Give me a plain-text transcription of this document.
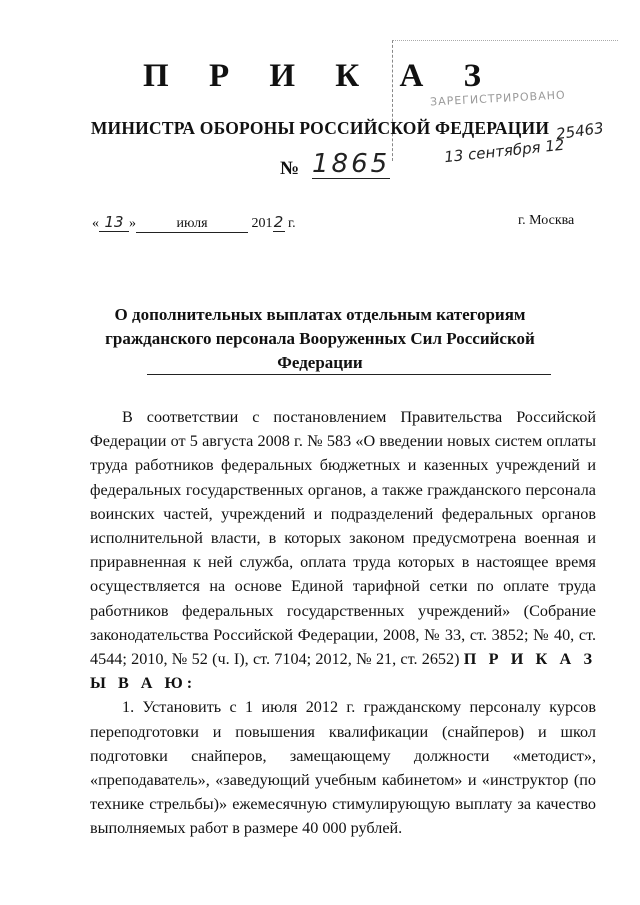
ЗАРЕГИСТРИРОВАНО
25463
13 сентября 12
П Р И К А З
МИНИСТРА ОБОРОНЫ РОССИЙСКОЙ ФЕДЕРАЦИИ
№ 1865
« 13 »	июля	2012 г.	г. Москва
О дополнительных выплатах отдельным категориям гражданского персонала Вооруженных Сил Российской Федерации

В соответствии с постановлением Правительства Российской Федерации от 5 августа 2008 г. № 583 «О введении новых систем оплаты труда работников федеральных бюджетных и казенных учреждений и федеральных государственных органов, а также гражданского персонала воинских частей, учреждений и подразделений федеральных органов исполнительной власти, в которых законом предусмотрена военная и приравненная к ней служба, оплата труда которых в настоящее время осуществляется на основе Единой тарифной сетки по оплате труда работников федеральных государственных учреждений» (Собрание законодательства Российской Федерации, 2008, № 33, ст. 3852; № 40, ст. 4544; 2010, № 52 (ч. I), ст. 7104; 2012, № 21, ст. 2652) П Р И К А З Ы В А Ю:

1. Установить с 1 июля 2012 г. гражданскому персоналу курсов переподготовки и повышения квалификации (снайперов) и школ подготовки снайперов, замещающему должности «методист», «преподаватель», «заведующий учебным кабинетом» и «инструктор (по технике стрельбы)» ежемесячную стимулирующую выплату за качество выполняемых работ в размере 40 000 рублей.
